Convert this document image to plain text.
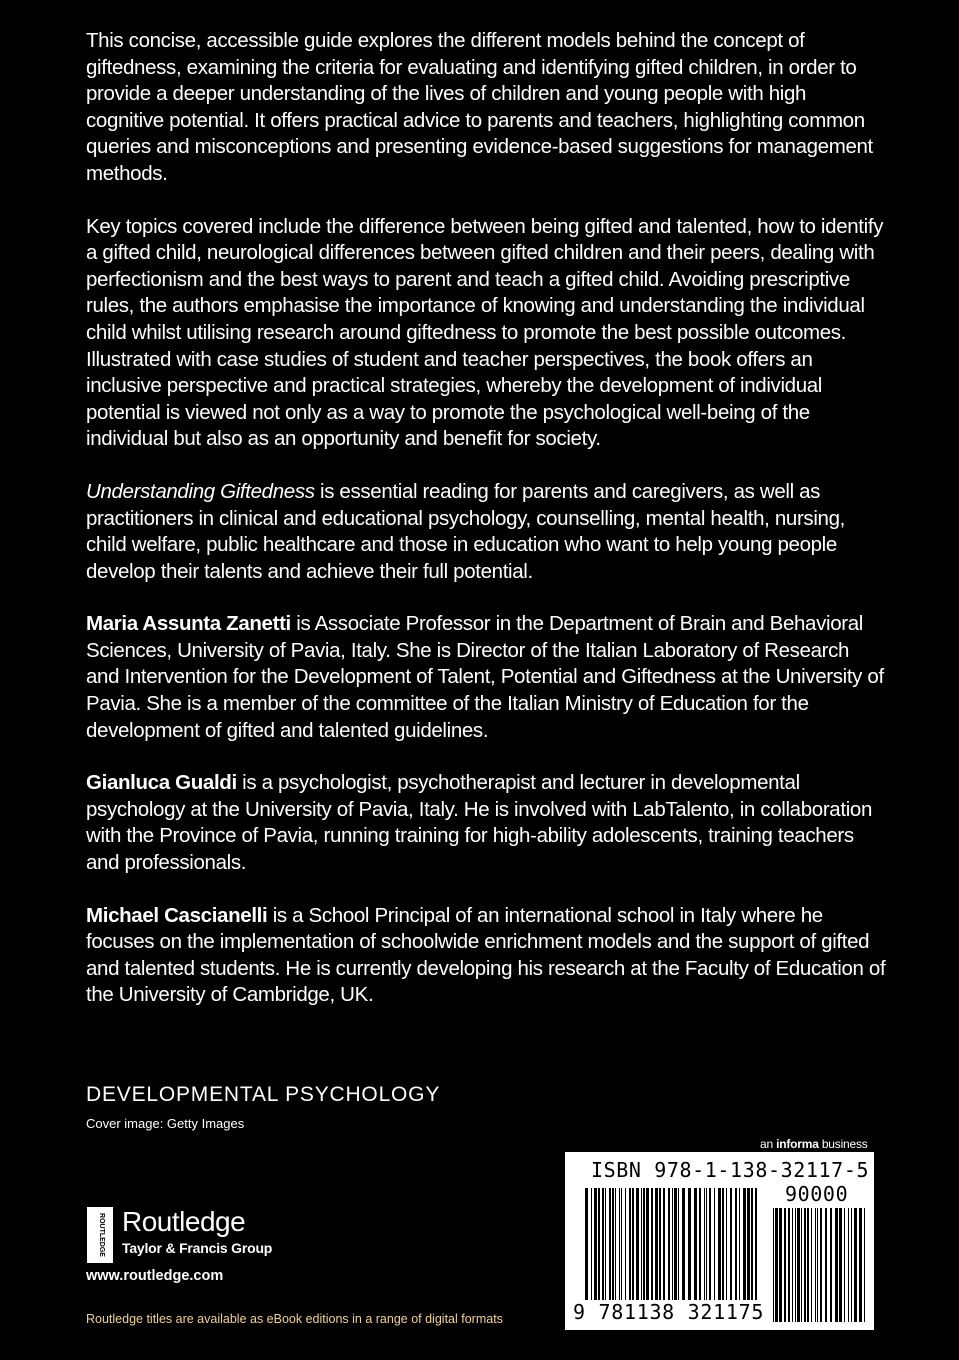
This concise, accessible guide explores the different models behind the concept of giftedness, examining the criteria for evaluating and identifying gifted children, in order to provide a deeper understanding of the lives of children and young people with high cognitive potential. It offers practical advice to parents and teachers, highlighting common queries and misconceptions and presenting evidence-based suggestions for management methods.

Key topics covered include the difference between being gifted and talented, how to identify a gifted child, neurological differences between gifted children and their peers, dealing with perfectionism and the best ways to parent and teach a gifted child. Avoiding prescriptive rules, the authors emphasise the importance of knowing and understanding the individual child whilst utilising research around giftedness to promote the best possible outcomes. Illustrated with case studies of student and teacher perspectives, the book offers an inclusive perspective and practical strategies, whereby the development of individual potential is viewed not only as a way to promote the psychological well-being of the individual but also as an opportunity and benefit for society.

Understanding Giftedness is essential reading for parents and caregivers, as well as practitioners in clinical and educational psychology, counselling, mental health, nursing, child welfare, public healthcare and those in education who want to help young people develop their talents and achieve their full potential.

Maria Assunta Zanetti is Associate Professor in the Department of Brain and Behavioral Sciences, University of Pavia, Italy. She is Director of the Italian Laboratory of Research and Intervention for the Development of Talent, Potential and Giftedness at the University of Pavia. She is a member of the committee of the Italian Ministry of Education for the development of gifted and talented guidelines.

Gianluca Gualdi is a psychologist, psychotherapist and lecturer in developmental psychology at the University of Pavia, Italy. He is involved with LabTalento, in collaboration with the Province of Pavia, running training for high-ability adolescents, training teachers and professionals.

Michael Cascianelli is a School Principal of an international school in Italy where he focuses on the implementation of schoolwide enrichment models and the support of gifted and talented students. He is currently developing his research at the Faculty of Education of the University of Cambridge, UK.

DEVELOPMENTAL PSYCHOLOGY
Cover image: Getty Images
an informa business
ROUTLEDGE Routledge
Taylor & Francis Group
www.routledge.com
Routledge titles are available as eBook editions in a range of digital formats
ISBN 978-1-138-32117-5
90000
9 781138 321175
